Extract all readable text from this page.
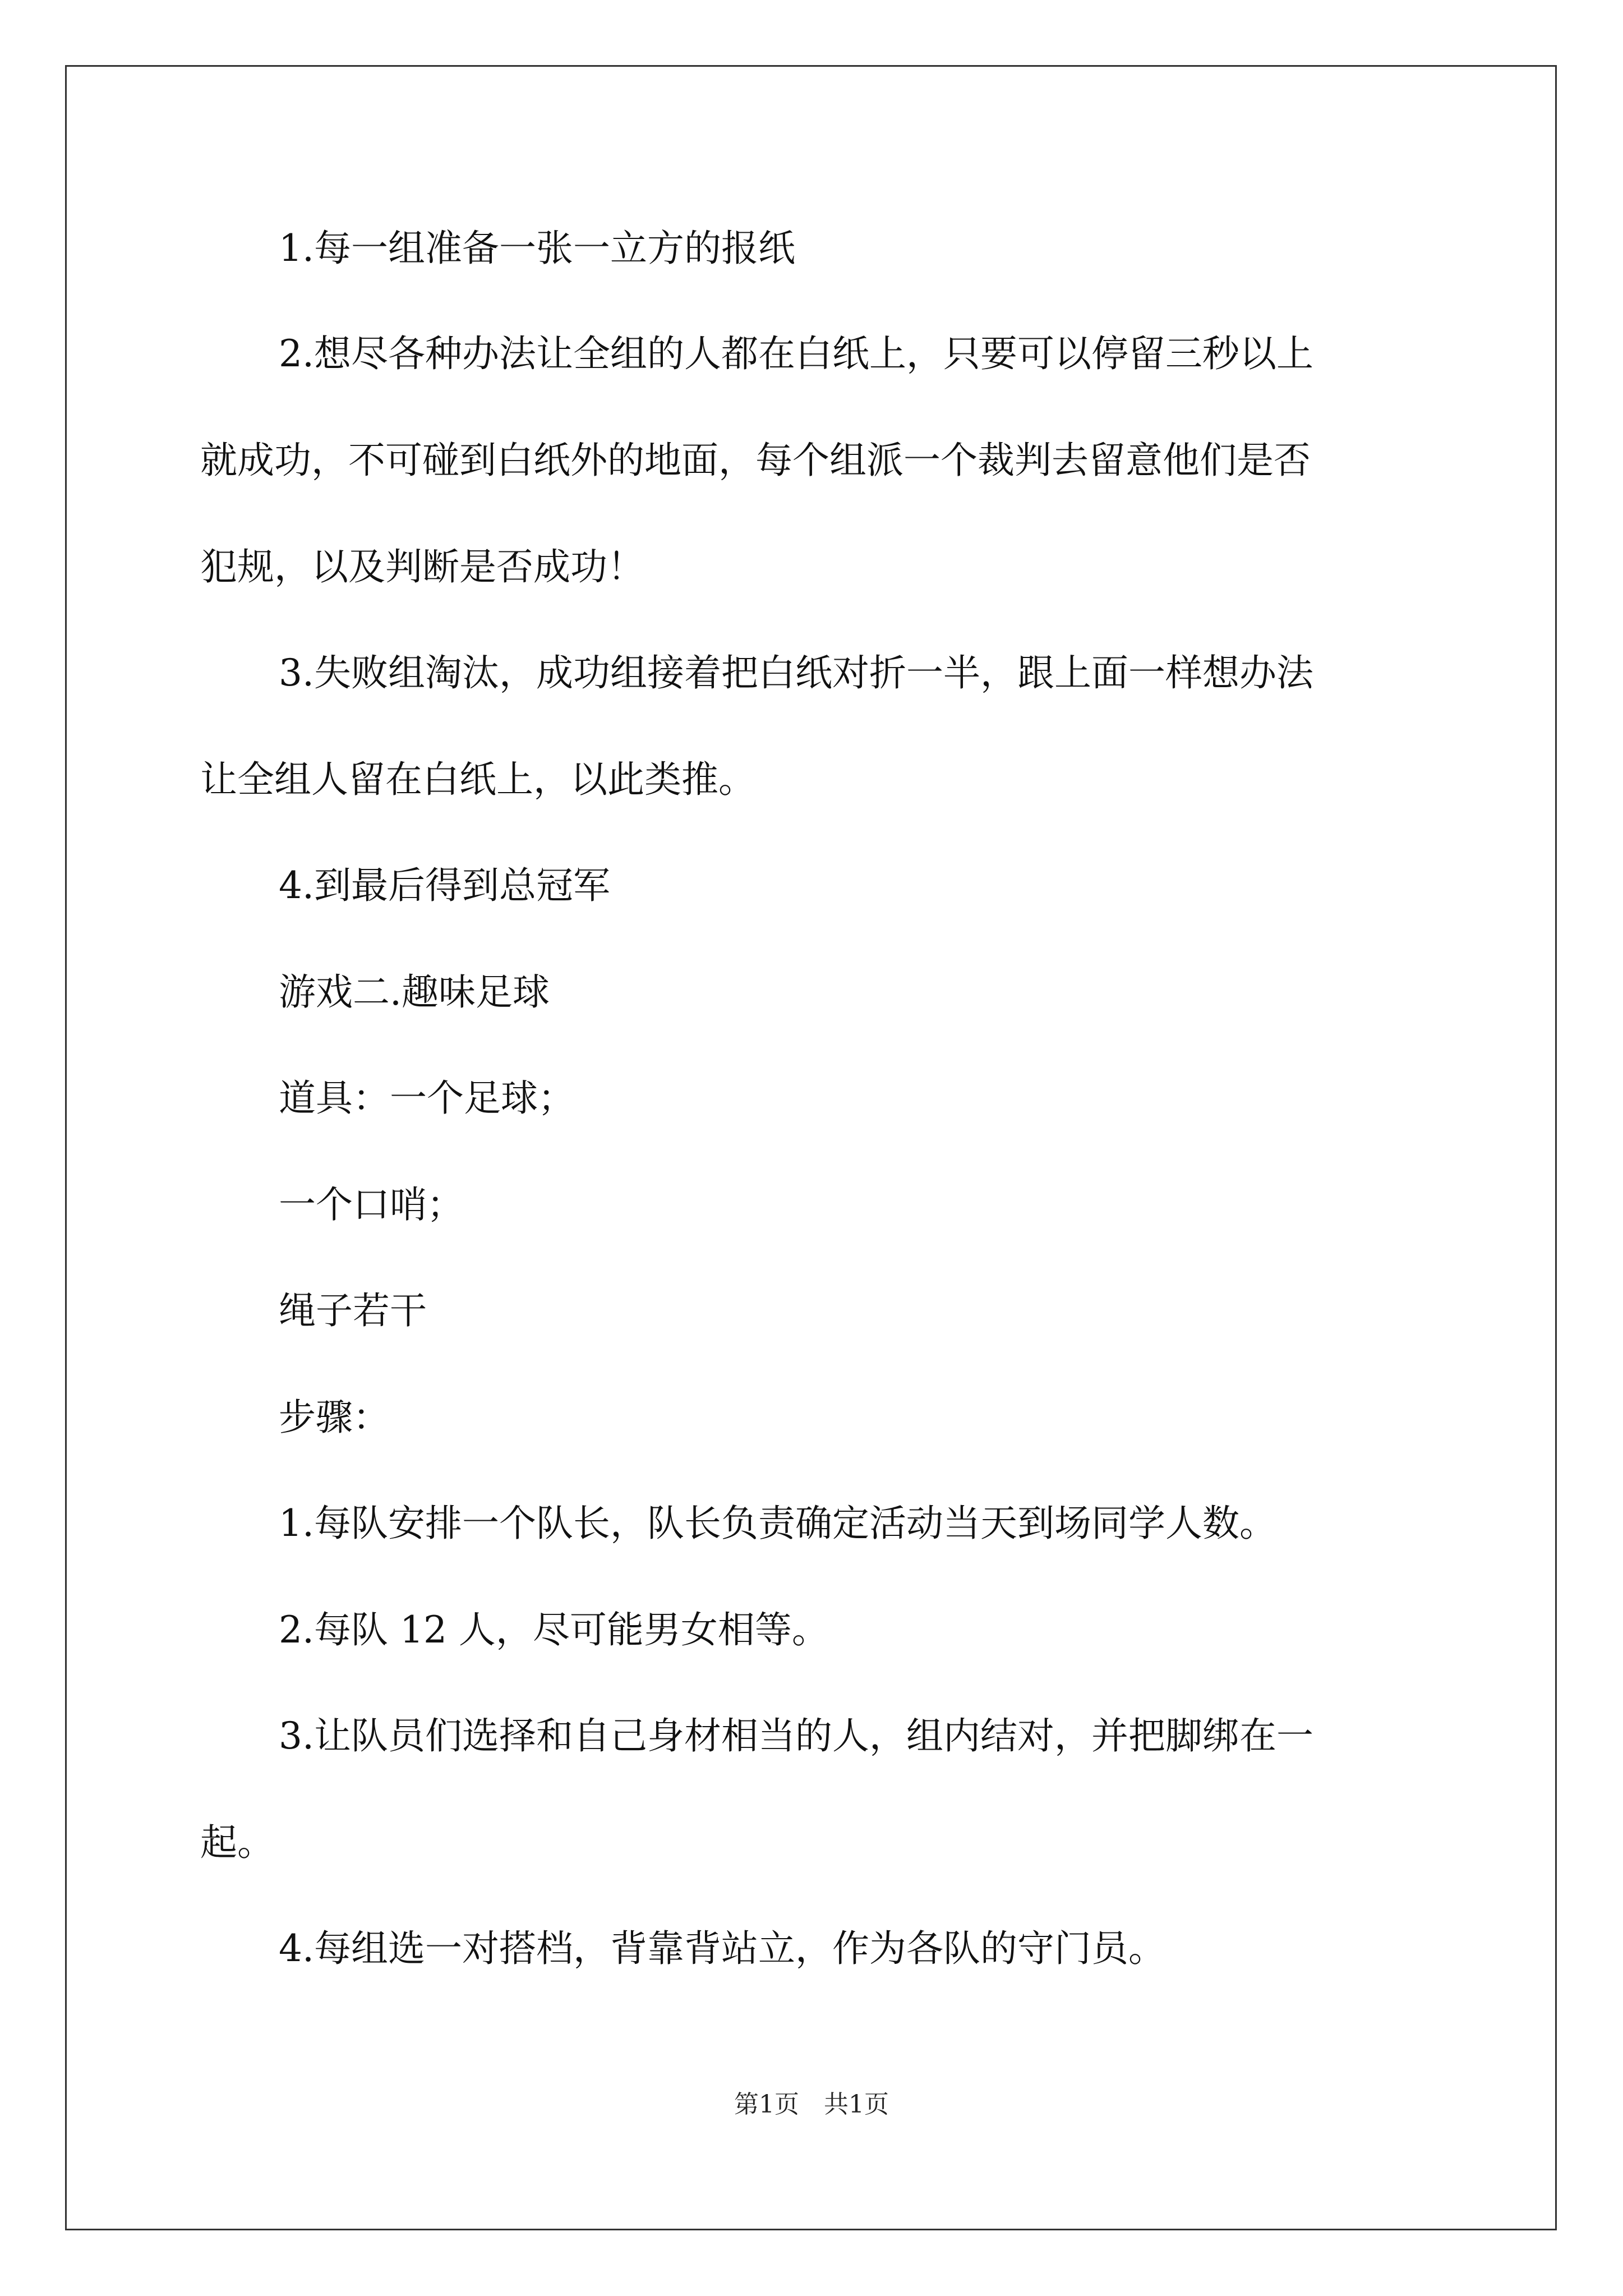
1.每一组准备一张一立方的报纸

2.想尽各种办法让全组的人都在白纸上，只要可以停留三秒以上

就成功，不可碰到白纸外的地面，每个组派一个裁判去留意他们是否

犯规，以及判断是否成功！

3.失败组淘汰，成功组接着把白纸对折一半，跟上面一样想办法

让全组人留在白纸上，以此类推。

4.到最后得到总冠军

游戏二.趣味足球

道具：一个足球；

一个口哨；

绳子若干

步骤：

1.每队安排一个队长，队长负责确定活动当天到场同学人数。

2.每队 12 人，尽可能男女相等。

3.让队员们选择和自己身材相当的人，组内结对，并把脚绑在一

起。

4.每组选一对搭档，背靠背站立，作为各队的守门员。

第1页　共1页
